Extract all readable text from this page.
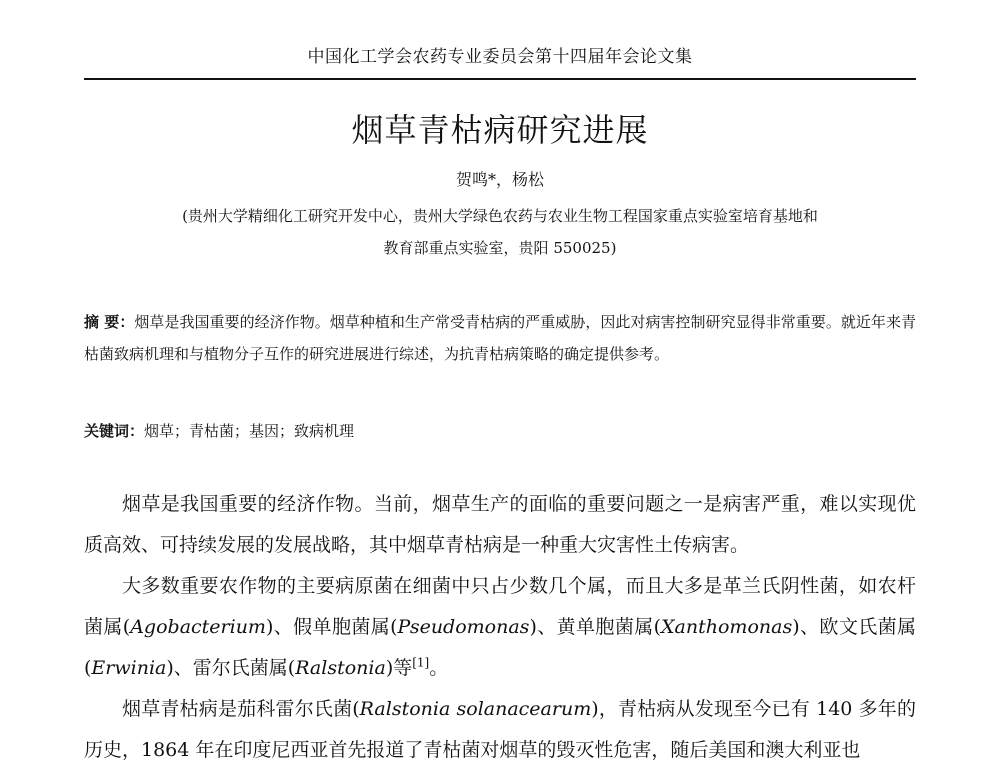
中国化工学会农药专业委员会第十四届年会论文集
烟草青枯病研究进展
贺鸣*，杨松
(贵州大学精细化工研究开发中心，贵州大学绿色农药与农业生物工程国家重点实验室培育基地和
教育部重点实验室，贵阳 550025)
摘 要：烟草是我国重要的经济作物。烟草种植和生产常受青枯病的严重威胁，因此对病害控制研究显得非常重要。就近年来青枯菌致病机理和与植物分子互作的研究进展进行综述，为抗青枯病策略的确定提供参考。
关键词：烟草；青枯菌；基因；致病机理

烟草是我国重要的经济作物。当前，烟草生产的面临的重要问题之一是病害严重，难以实现优质高效、可持续发展的发展战略，其中烟草青枯病是一种重大灾害性土传病害。

大多数重要农作物的主要病原菌在细菌中只占少数几个属，而且大多是革兰氏阴性菌，如农杆菌属(Agobacterium)、假单胞菌属(Pseudomonas)、黄单胞菌属(Xanthomonas)、欧文氏菌属(Erwinia)、雷尔氏菌属(Ralstonia)等[1]。

烟草青枯病是茄科雷尔氏菌(Ralstonia solanacearum)，青枯病从发现至今已有 140 多年的历史，1864 年在印度尼西亚首先报道了青枯菌对烟草的毁灭性危害，随后美国和澳大利亚也
